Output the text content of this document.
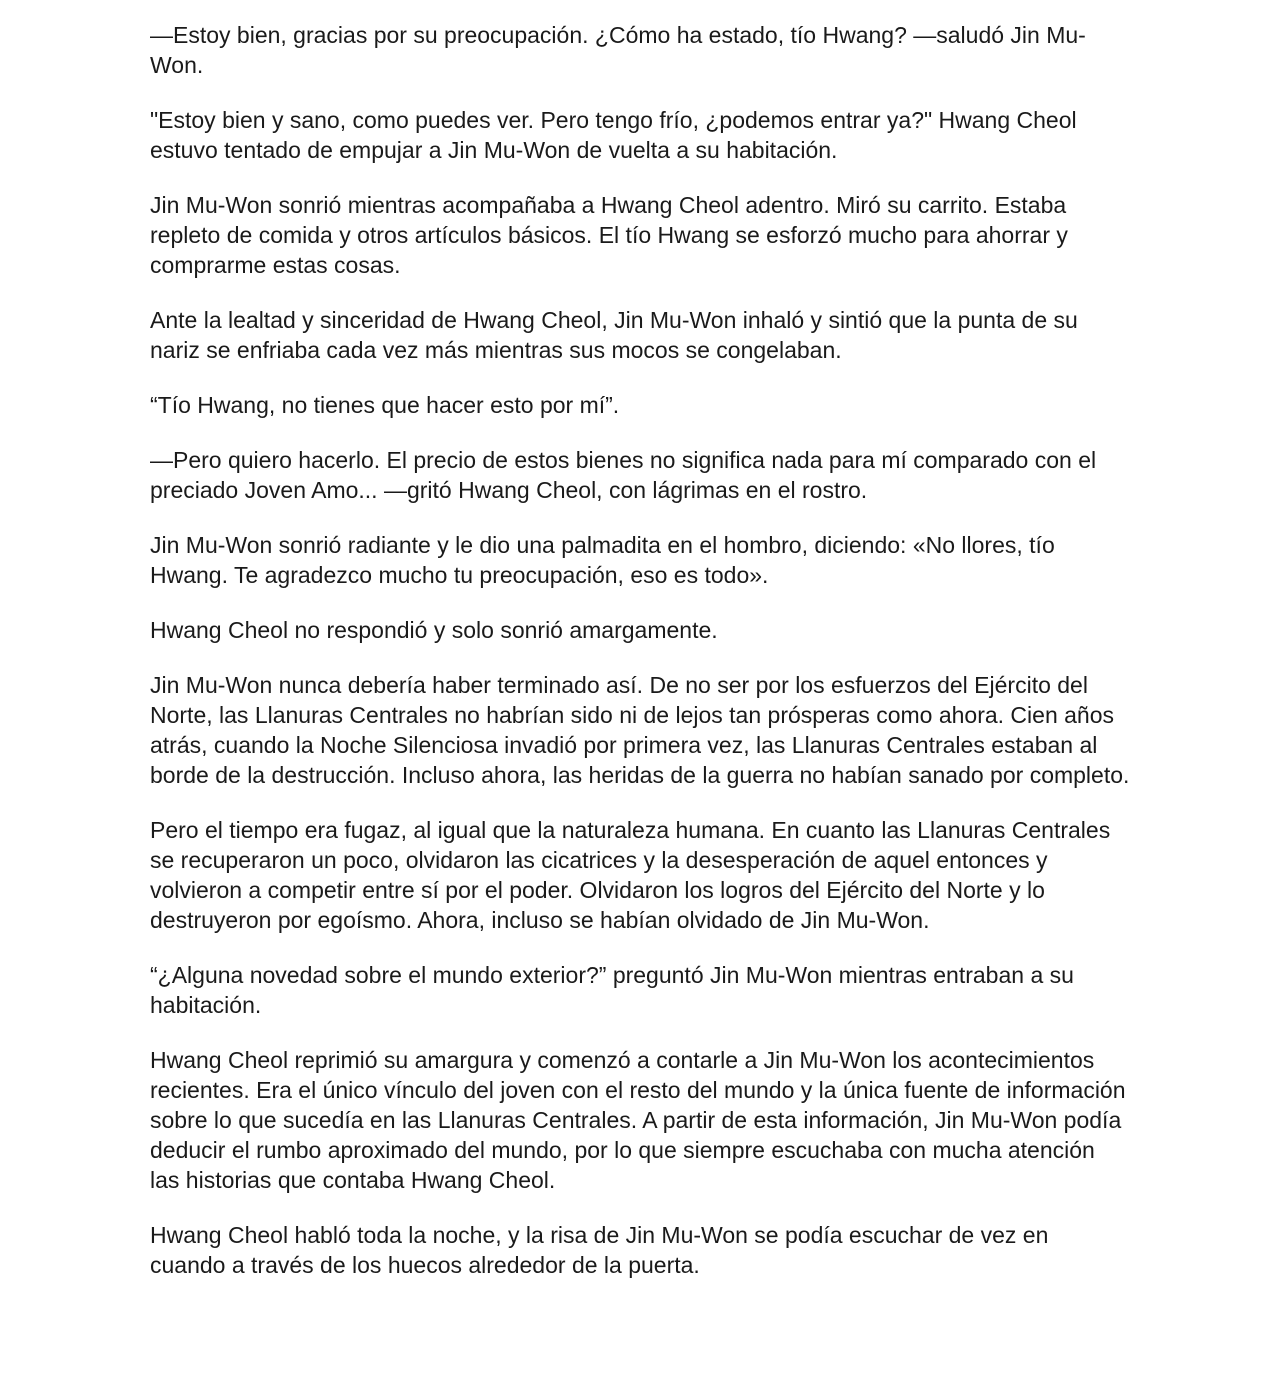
—Estoy bien, gracias por su preocupación. ¿Cómo ha estado, tío Hwang? —saludó Jin Mu-Won.

"Estoy bien y sano, como puedes ver. Pero tengo frío, ¿podemos entrar ya?" Hwang Cheol estuvo tentado de empujar a Jin Mu-Won de vuelta a su habitación.

Jin Mu-Won sonrió mientras acompañaba a Hwang Cheol adentro. Miró su carrito. Estaba repleto de comida y otros artículos básicos. El tío Hwang se esforzó mucho para ahorrar y comprarme estas cosas.

Ante la lealtad y sinceridad de Hwang Cheol, Jin Mu-Won inhaló y sintió que la punta de su nariz se enfriaba cada vez más mientras sus mocos se congelaban.

“Tío Hwang, no tienes que hacer esto por mí”.

—Pero quiero hacerlo. El precio de estos bienes no significa nada para mí comparado con el preciado Joven Amo... —gritó Hwang Cheol, con lágrimas en el rostro.

Jin Mu-Won sonrió radiante y le dio una palmadita en el hombro, diciendo: «No llores, tío Hwang. Te agradezco mucho tu preocupación, eso es todo».

Hwang Cheol no respondió y solo sonrió amargamente.

Jin Mu-Won nunca debería haber terminado así. De no ser por los esfuerzos del Ejército del Norte, las Llanuras Centrales no habrían sido ni de lejos tan prósperas como ahora. Cien años atrás, cuando la Noche Silenciosa invadió por primera vez, las Llanuras Centrales estaban al borde de la destrucción. Incluso ahora, las heridas de la guerra no habían sanado por completo.

Pero el tiempo era fugaz, al igual que la naturaleza humana. En cuanto las Llanuras Centrales se recuperaron un poco, olvidaron las cicatrices y la desesperación de aquel entonces y volvieron a competir entre sí por el poder. Olvidaron los logros del Ejército del Norte y lo destruyeron por egoísmo. Ahora, incluso se habían olvidado de Jin Mu-Won.

“¿Alguna novedad sobre el mundo exterior?” preguntó Jin Mu-Won mientras entraban a su habitación.

Hwang Cheol reprimió su amargura y comenzó a contarle a Jin Mu-Won los acontecimientos recientes. Era el único vínculo del joven con el resto del mundo y la única fuente de información sobre lo que sucedía en las Llanuras Centrales. A partir de esta información, Jin Mu-Won podía deducir el rumbo aproximado del mundo, por lo que siempre escuchaba con mucha atención las historias que contaba Hwang Cheol.

Hwang Cheol habló toda la noche, y la risa de Jin Mu-Won se podía escuchar de vez en cuando a través de los huecos alrededor de la puerta.
